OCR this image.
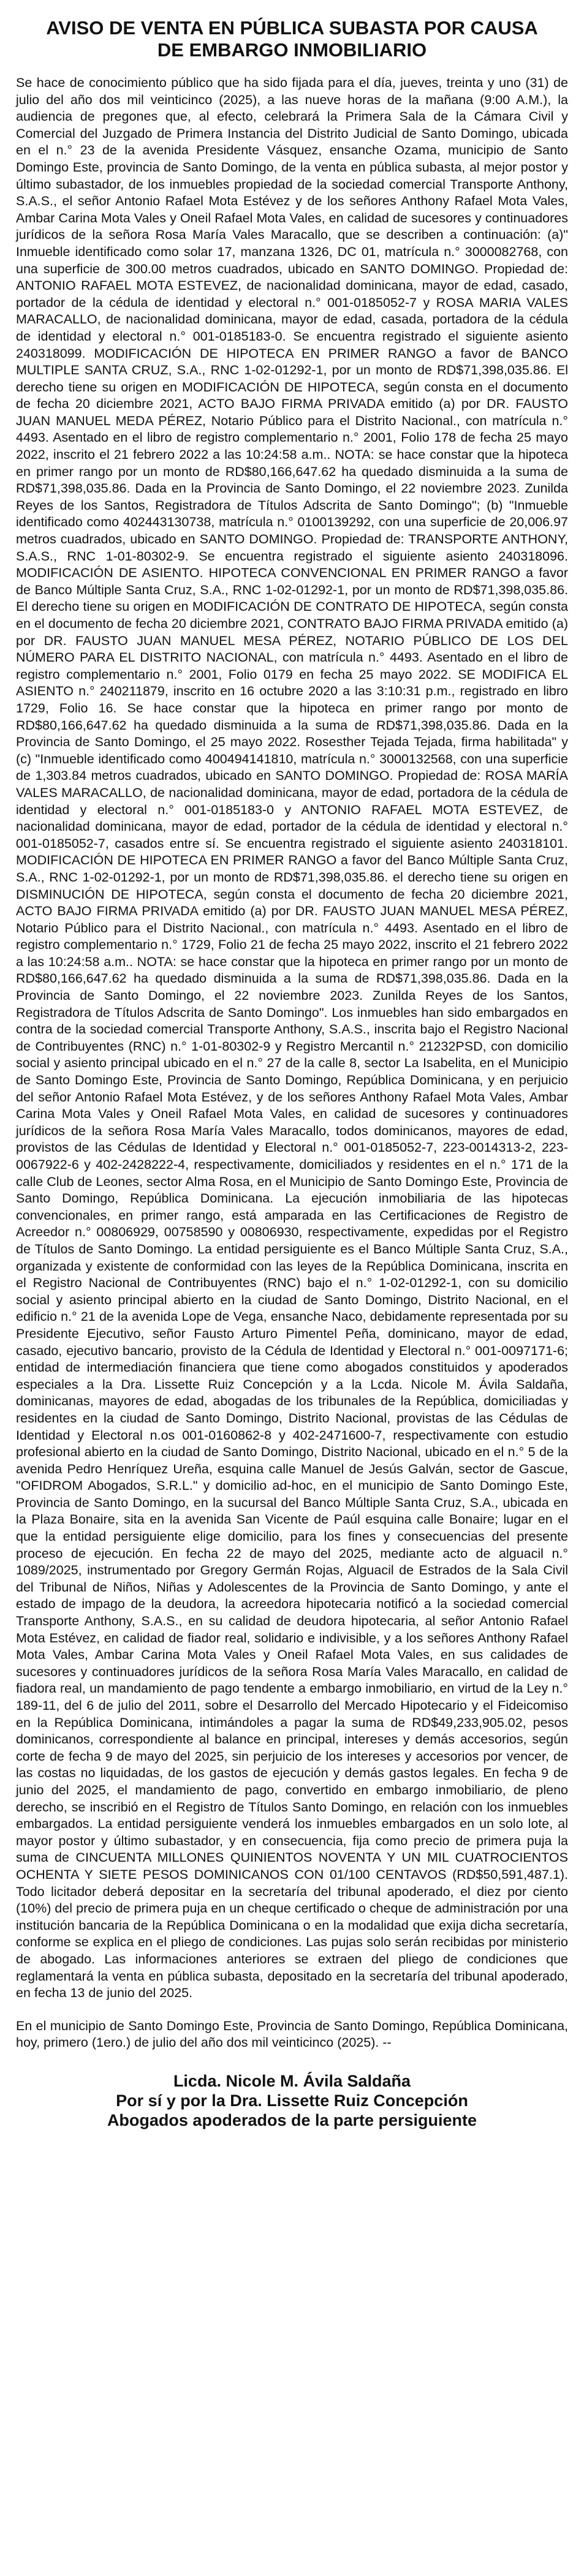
AVISO DE VENTA EN PÚBLICA SUBASTA POR CAUSA
DE EMBARGO INMOBILIARIO

Se hace de conocimiento público que ha sido fijada para el día, jueves, treinta y uno (31) de julio del año dos mil veinticinco (2025), a las nueve horas de la mañana (9:00 A.M.), la audiencia de pregones que, al efecto, celebrará la Primera Sala de la Cámara Civil y Comercial del Juzgado de Primera Instancia del Distrito Judicial de Santo Domingo, ubicada en el n.° 23 de la avenida Presidente Vásquez, ensanche Ozama, municipio de Santo Domingo Este, provincia de Santo Domingo, de la venta en pública subasta, al mejor postor y último subastador, de los inmuebles propiedad de la sociedad comercial Transporte Anthony, S.A.S., el señor Antonio Rafael Mota Estévez y de los señores Anthony Rafael Mota Vales, Ambar Carina Mota Vales y Oneil Rafael Mota Vales, en calidad de sucesores y continuadores jurídicos de la señora Rosa María Vales Maracallo, que se describen a continuación: (a)" Inmueble identificado como solar 17, manzana 1326, DC 01, matrícula n.° 3000082768, con una superficie de 300.00 metros cuadrados, ubicado en SANTO DOMINGO. Propiedad de: ANTONIO RAFAEL MOTA ESTEVEZ, de nacionalidad dominicana, mayor de edad, casado, portador de la cédula de identidad y electoral n.° 001-0185052-7 y ROSA MARIA VALES MARACALLO, de nacionalidad dominicana, mayor de edad, casada, portadora de la cédula de identidad y electoral n.° 001-0185183-0. Se encuentra registrado el siguiente asiento 240318099. MODIFICACIÓN DE HIPOTECA EN PRIMER RANGO a favor de BANCO MULTIPLE SANTA CRUZ, S.A., RNC 1-02-01292-1, por un monto de RD$71,398,035.86. El derecho tiene su origen en MODIFICACIÓN DE HIPOTECA, según consta en el documento de fecha 20 diciembre 2021, ACTO BAJO FIRMA PRIVADA emitido (a) por DR. FAUSTO JUAN MANUEL MEDA PÉREZ, Notario Público para el Distrito Nacional., con matrícula n.° 4493. Asentado en el libro de registro complementario n.° 2001, Folio 178 de fecha 25 mayo 2022, inscrito el 21 febrero 2022 a las 10:24:58 a.m.. NOTA: se hace constar que la hipoteca en primer rango por un monto de RD$80,166,647.62 ha quedado disminuida a la suma de RD$71,398,035.86. Dada en la Provincia de Santo Domingo, el 22 noviembre 2023. Zunilda Reyes de los Santos, Registradora de Títulos Adscrita de Santo Domingo"; (b) "Inmueble identificado como 402443130738, matrícula n.° 0100139292, con una superficie de 20,006.97 metros cuadrados, ubicado en SANTO DOMINGO. Propiedad de: TRANSPORTE ANTHONY, S.A.S., RNC 1-01-80302-9. Se encuentra registrado el siguiente asiento 240318096. MODIFICACIÓN DE ASIENTO. HIPOTECA CONVENCIONAL EN PRIMER RANGO a favor de Banco Múltiple Santa Cruz, S.A., RNC 1-02-01292-1, por un monto de RD$71,398,035.86. El derecho tiene su origen en MODIFICACIÓN DE CONTRATO DE HIPOTECA, según consta en el documento de fecha 20 diciembre 2021, CONTRATO BAJO FIRMA PRIVADA emitido (a) por DR. FAUSTO JUAN MANUEL MESA PÉREZ, NOTARIO PÚBLICO DE LOS DEL NÚMERO PARA EL DISTRITO NACIONAL, con matrícula n.° 4493. Asentado en el libro de registro complementario n.° 2001, Folio 0179 en fecha 25 mayo 2022. SE MODIFICA EL ASIENTO n.° 240211879, inscrito en 16 octubre 2020 a las 3:10:31 p.m., registrado en libro 1729, Folio 16. Se hace constar que la hipoteca en primer rango por monto de RD$80,166,647.62 ha quedado disminuida a la suma de RD$71,398,035.86. Dada en la Provincia de Santo Domingo, el 25 mayo 2022. Rosesther Tejada Tejada, firma habilitada" y (c) "Inmueble identificado como 400494141810, matrícula n.° 3000132568, con una superficie de 1,303.84 metros cuadrados, ubicado en SANTO DOMINGO. Propiedad de: ROSA MARÍA VALES MARACALLO, de nacionalidad dominicana, mayor de edad, portadora de la cédula de identidad y electoral n.° 001-0185183-0 y ANTONIO RAFAEL MOTA ESTEVEZ, de nacionalidad dominicana, mayor de edad, portador de la cédula de identidad y electoral n.° 001-0185052-7, casados entre sí. Se encuentra registrado el siguiente asiento 240318101. MODIFICACIÓN DE HIPOTECA EN PRIMER RANGO a favor del Banco Múltiple Santa Cruz, S.A., RNC 1-02-01292-1, por un monto de RD$71,398,035.86. el derecho tiene su origen en DISMINUCIÓN DE HIPOTECA, según consta el documento de fecha 20 diciembre 2021, ACTO BAJO FIRMA PRIVADA emitido (a) por DR. FAUSTO JUAN MANUEL MESA PÉREZ, Notario Público para el Distrito Nacional., con matrícula n.° 4493. Asentado en el libro de registro complementario n.° 1729, Folio 21 de fecha 25 mayo 2022, inscrito el 21 febrero 2022 a las 10:24:58 a.m.. NOTA: se hace constar que la hipoteca en primer rango por un monto de RD$80,166,647.62 ha quedado disminuida a la suma de RD$71,398,035.86. Dada en la Provincia de Santo Domingo, el 22 noviembre 2023. Zunilda Reyes de los Santos, Registradora de Títulos Adscrita de Santo Domingo". Los inmuebles han sido embargados en contra de la sociedad comercial Transporte Anthony, S.A.S., inscrita bajo el Registro Nacional de Contribuyentes (RNC) n.° 1-01-80302-9 y Registro Mercantil n.° 21232PSD, con domicilio social y asiento principal ubicado en el n.° 27 de la calle 8, sector La Isabelita, en el Municipio de Santo Domingo Este, Provincia de Santo Domingo, República Dominicana, y en perjuicio del señor Antonio Rafael Mota Estévez, y de los señores Anthony Rafael Mota Vales, Ambar Carina Mota Vales y Oneil Rafael Mota Vales, en calidad de sucesores y continuadores jurídicos de la señora Rosa María Vales Maracallo, todos dominicanos, mayores de edad, provistos de las Cédulas de Identidad y Electoral n.° 001-0185052-7, 223-0014313-2, 223-0067922-6 y 402-2428222-4, respectivamente, domiciliados y residentes en el n.° 171 de la calle Club de Leones, sector Alma Rosa, en el Municipio de Santo Domingo Este, Provincia de Santo Domingo, República Dominicana. La ejecución inmobiliaria de las hipotecas convencionales, en primer rango, está amparada en las Certificaciones de Registro de Acreedor n.° 00806929, 00758590 y 00806930, respectivamente, expedidas por el Registro de Títulos de Santo Domingo. La entidad persiguiente es el Banco Múltiple Santa Cruz, S.A., organizada y existente de conformidad con las leyes de la República Dominicana, inscrita en el Registro Nacional de Contribuyentes (RNC) bajo el n.° 1-02-01292-1, con su domicilio social y asiento principal abierto en la ciudad de Santo Domingo, Distrito Nacional, en el edificio n.° 21 de la avenida Lope de Vega, ensanche Naco, debidamente representada por su Presidente Ejecutivo, señor Fausto Arturo Pimentel Peña, dominicano, mayor de edad, casado, ejecutivo bancario, provisto de la Cédula de Identidad y Electoral n.° 001-0097171-6; entidad de intermediación financiera que tiene como abogados constituidos y apoderados especiales a la Dra. Lissette Ruiz Concepción y a la Lcda. Nicole M. Ávila Saldaña, dominicanas, mayores de edad, abogadas de los tribunales de la República, domiciliadas y residentes en la ciudad de Santo Domingo, Distrito Nacional, provistas de las Cédulas de Identidad y Electoral n.os 001-0160862-8 y 402-2471600-7, respectivamente con estudio profesional abierto en la ciudad de Santo Domingo, Distrito Nacional, ubicado en el n.° 5 de la avenida Pedro Henríquez Ureña, esquina calle Manuel de Jesús Galván, sector de Gascue, "OFIDROM Abogados, S.R.L." y domicilio ad-hoc, en el municipio de Santo Domingo Este, Provincia de Santo Domingo, en la sucursal del Banco Múltiple Santa Cruz, S.A., ubicada en la Plaza Bonaire, sita en la avenida San Vicente de Paúl esquina calle Bonaire; lugar en el que la entidad persiguiente elige domicilio, para los fines y consecuencias del presente proceso de ejecución. En fecha 22 de mayo del 2025, mediante acto de alguacil n.° 1089/2025, instrumentado por Gregory Germán Rojas, Alguacil de Estrados de la Sala Civil del Tribunal de Niños, Niñas y Adolescentes de la Provincia de Santo Domingo, y ante el estado de impago de la deudora, la acreedora hipotecaria notificó a la sociedad comercial Transporte Anthony, S.A.S., en su calidad de deudora hipotecaria, al señor Antonio Rafael Mota Estévez, en calidad de fiador real, solidario e indivisible, y a los señores Anthony Rafael Mota Vales, Ambar Carina Mota Vales y Oneil Rafael Mota Vales, en sus calidades de sucesores y continuadores jurídicos de la señora Rosa María Vales Maracallo, en calidad de fiadora real, un mandamiento de pago tendente a embargo inmobiliario, en virtud de la Ley n.° 189-11, del 6 de julio del 2011, sobre el Desarrollo del Mercado Hipotecario y el Fideicomiso en la República Dominicana, intimándoles a pagar la suma de RD$49,233,905.02, pesos dominicanos, correspondiente al balance en principal, intereses y demás accesorios, según corte de fecha 9 de mayo del 2025, sin perjuicio de los intereses y accesorios por vencer, de las costas no liquidadas, de los gastos de ejecución y demás gastos legales. En fecha 9 de junio del 2025, el mandamiento de pago, convertido en embargo inmobiliario, de pleno derecho, se inscribió en el Registro de Títulos Santo Domingo, en relación con los inmuebles embargados. La entidad persiguiente venderá los inmuebles embargados en un solo lote, al mayor postor y último subastador, y en consecuencia, fija como precio de primera puja la suma de CINCUENTA MILLONES QUINIENTOS NOVENTA Y UN MIL CUATROCIENTOS OCHENTA Y SIETE PESOS DOMINICANOS CON 01/100 CENTAVOS (RD$50,591,487.1). Todo licitador deberá depositar en la secretaría del tribunal apoderado, el diez por ciento (10%) del precio de primera puja en un cheque certificado o cheque de administración por una institución bancaria de la República Dominicana o en la modalidad que exija dicha secretaría, conforme se explica en el pliego de condiciones. Las pujas solo serán recibidas por ministerio de abogado. Las informaciones anteriores se extraen del pliego de condiciones que reglamentará la venta en pública subasta, depositado en la secretaría del tribunal apoderado, en fecha 13 de junio del 2025.

En el municipio de Santo Domingo Este, Provincia de Santo Domingo, República Dominicana, hoy, primero (1ero.) de julio del año dos mil veinticinco (2025). --

Licda. Nicole M. Ávila Saldaña
Por sí y por la Dra. Lissette Ruiz Concepción
Abogados apoderados de la parte persiguiente
